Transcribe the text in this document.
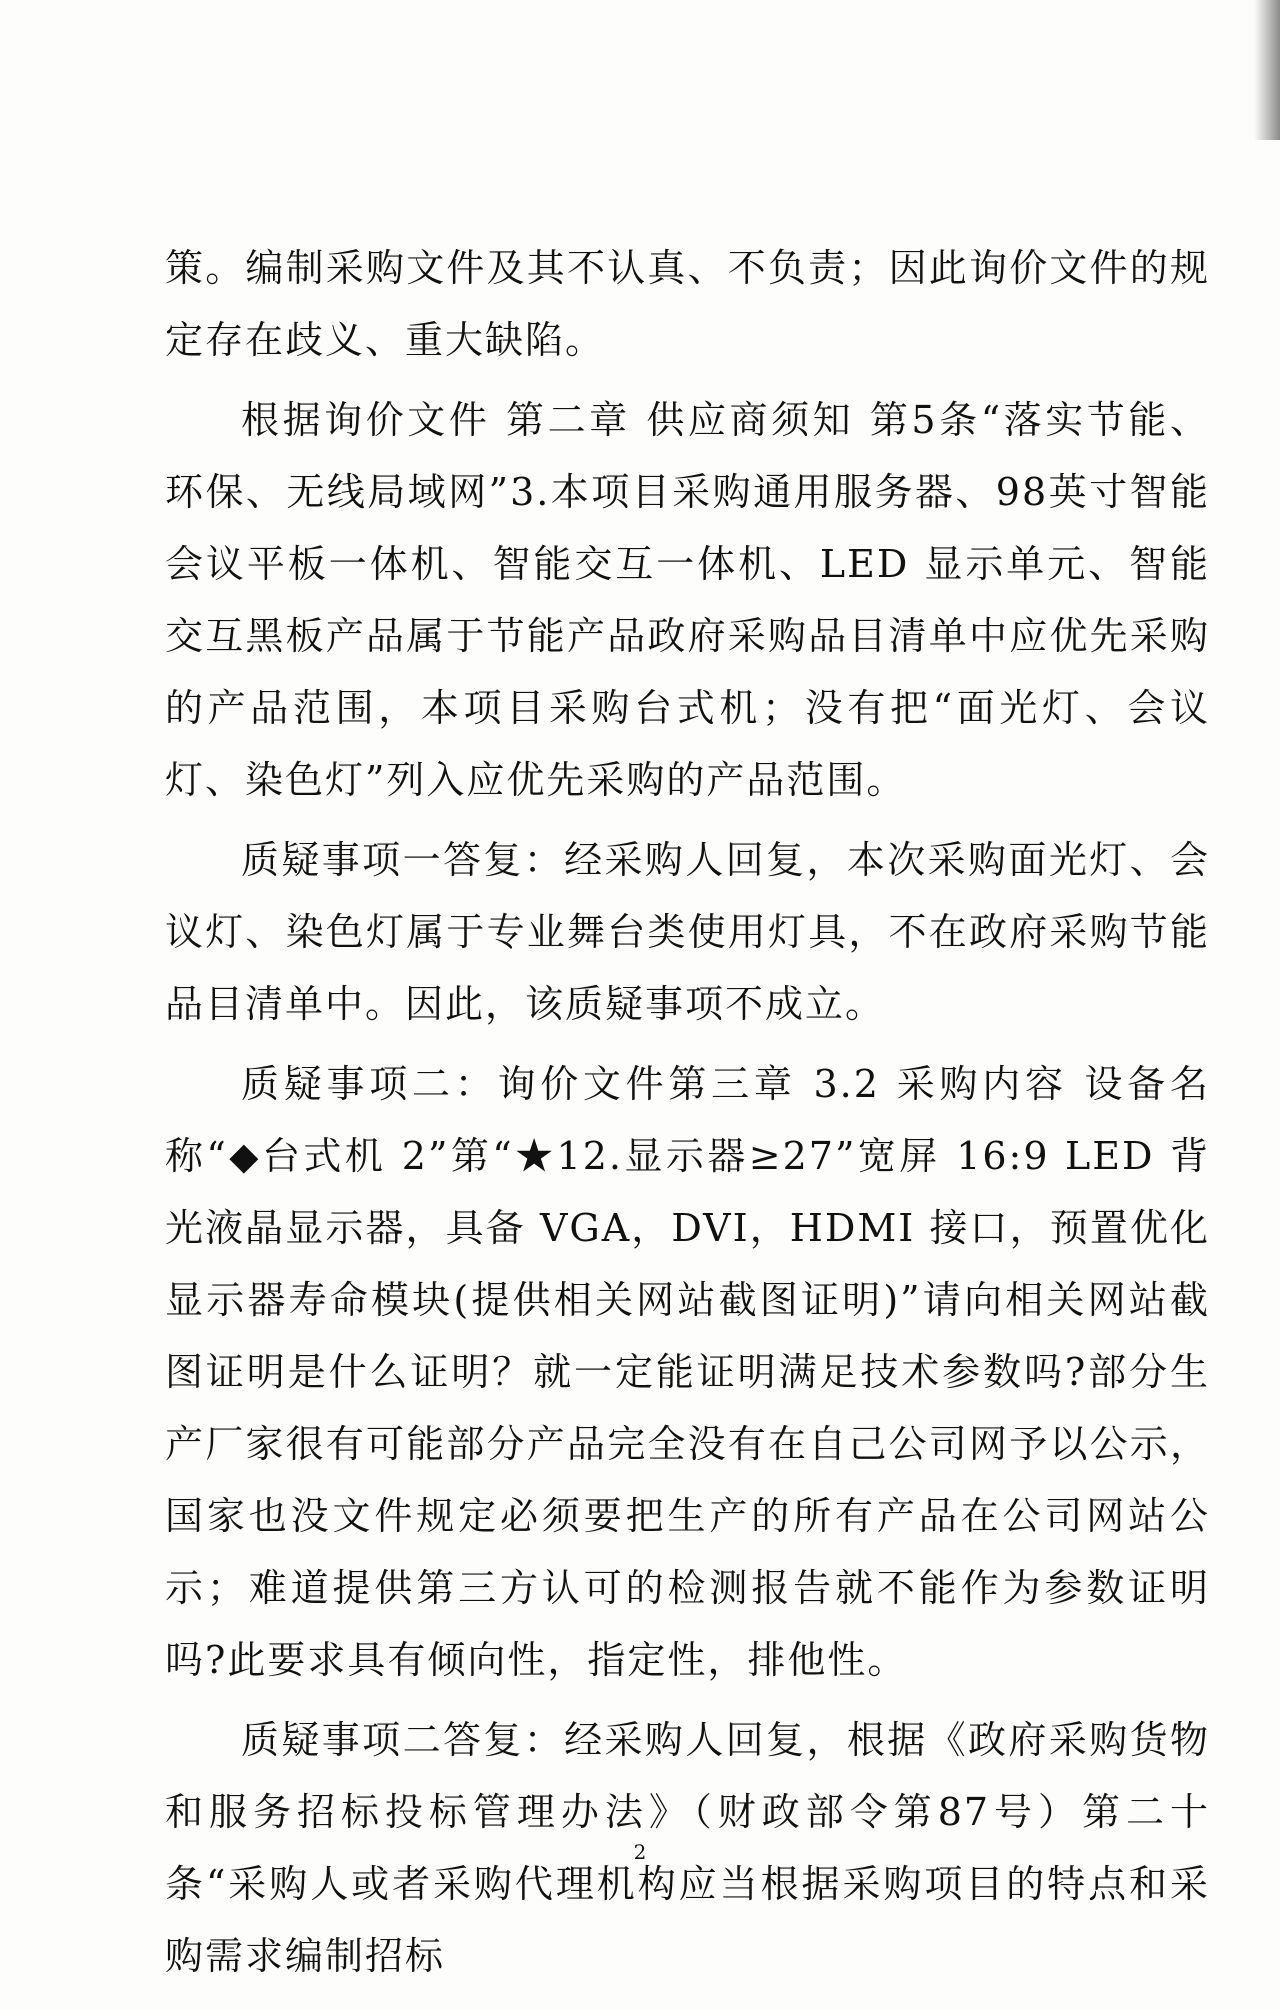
策。编制采购文件及其不认真、不负责；因此询价文件的规定存在歧义、重大缺陷。

根据询价文件 第二章 供应商须知 第5条“落实节能、环保、无线局域网”3.本项目采购通用服务器、98英寸智能会议平板一体机、智能交互一体机、LED 显示单元、智能交互黑板产品属于节能产品政府采购品目清单中应优先采购的产品范围，本项目采购台式机；没有把“面光灯、会议灯、染色灯”列入应优先采购的产品范围。

质疑事项一答复：经采购人回复，本次采购面光灯、会议灯、染色灯属于专业舞台类使用灯具，不在政府采购节能品目清单中。因此，该质疑事项不成立。

质疑事项二：询价文件第三章 3.2 采购内容 设备名称“◆台式机 2”第“★12.显示器≥27”宽屏 16:9 LED 背光液晶显示器，具备 VGA，DVI，HDMI 接口，预置优化显示器寿命模块(提供相关网站截图证明)”请向相关网站截图证明是什么证明？就一定能证明满足技术参数吗?部分生产厂家很有可能部分产品完全没有在自己公司网予以公示，国家也没文件规定必须要把生产的所有产品在公司网站公示；难道提供第三方认可的检测报告就不能作为参数证明吗?此要求具有倾向性，指定性，排他性。

质疑事项二答复：经采购人回复，根据《政府采购货物和服务招标投标管理办法》（财政部令第87号）第二十条“采购人或者采购代理机构应当根据采购项目的特点和采购需求编制招标

2
